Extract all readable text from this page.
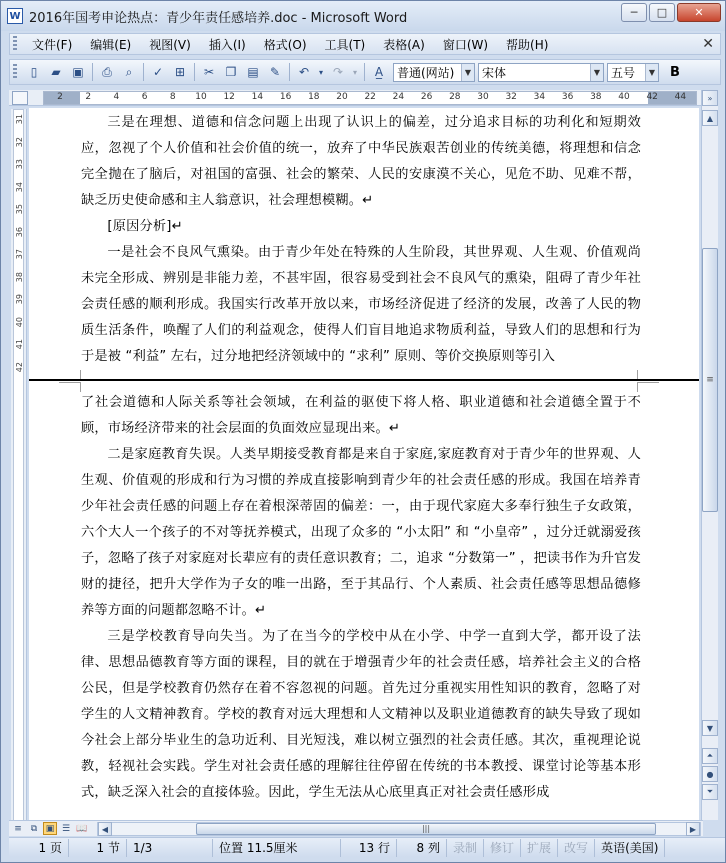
W 2016年国考申论热点：青少年责任感培养.doc - Microsoft Word	─	□	✕
文件(F)	编辑(E)	视图(V)	插入(I)	格式(O)	工具(T)	表格(A)	窗口(W)	帮助(H)	✕
▯	▰ ▣	⎙	⌕	✓ ⊞	✂ ❐ ▤ ✎	↶	▾ ↷	▾	A̲	普通(网站)	▼ 宋体	▼ 五号	▼	B
2 2 4 6 8 10 12 14 16 18 20 22 24 26 28 30 32 34 36 38 40 42 44
31
32
33
34
35
36
37
38
39
40
41
42

三是在理想、道德和信念问题上出现了认识上的偏差，过分追求目标的功利化和短期效应，忽视了个人价值和社会价值的统一，放弃了中华民族艰苦创业的传统美德，将理想和信念完全抛在了脑后，对祖国的富强、社会的繁荣、人民的安康漠不关心，见危不助、见难不帮，缺乏历史使命感和主人翁意识，社会理想模糊。↵

[原因分析]↵

一是社会不良风气熏染。由于青少年处在特殊的人生阶段，其世界观、人生观、价值观尚未完全形成、辨别是非能力差，不甚牢固，很容易受到社会不良风气的熏染，阻碍了青少年社会责任感的顺利形成。我国实行改革开放以来，市场经济促进了经济的发展，改善了人民的物质生活条件，唤醒了人们的利益观念，使得人们盲目地追求物质利益，导致人们的思想和行为于是被 “利益” 左右，过分地把经济领域中的 “求利” 原则、等价交换原则等引入

了社会道德和人际关系等社会领域，在利益的驱使下将人格、职业道德和社会道德全置于不顾，市场经济带来的社会层面的负面效应显现出来。↵

二是家庭教育失误。人类早期接受教育都是来自于家庭,家庭教育对于青少年的世界观、人生观、价值观的形成和行为习惯的养成直接影响到青少年的社会责任感的形成。我国在培养青少年社会责任感的问题上存在着根深蒂固的偏差：一，由于现代家庭大多奉行独生子女政策，六个大人一个孩子的不对等抚养模式，出现了众多的 “小太阳” 和 “小皇帝” ，过分迁就溺爱孩子，忽略了孩子对家庭对长辈应有的责任意识教育；二，追求 “分数第一” ，把读书作为升官发财的捷径，把升大学作为子女的唯一出路，至于其品行、个人素质、社会责任感等思想品德修养等方面的问题都忽略不计。↵

三是学校教育导向失当。为了在当今的学校中从在小学、中学一直到大学，都开设了法律、思想品德教育等方面的课程，目的就在于增强青少年的社会责任感，培养社会主义的合格公民，但是学校教育仍然存在着不容忽视的问题。首先过分重视实用性知识的教育，忽略了对学生的人文精神教育。学校的教育对远大理想和人文精神以及职业道德教育的缺失导致了现如今社会上部分毕业生的急功近利、目光短浅，难以树立强烈的社会责任感。其次，重视理论说教，轻视社会实践。学生对社会责任感的理解往往停留在传统的书本教授、课堂讨论等基本形式，缺乏深入社会的直接体验。因此，学生无法从心底里真正对社会责任感形成

»
▲
≡
▼
⏶
●
⏷
≡	⧉ ▣ ☰ 📖	◀	|||	▶
1 页	1 节	1/3	位置 11.5厘米	13 行	8 列	录制	修订	扩展	改写	英语(美国)
